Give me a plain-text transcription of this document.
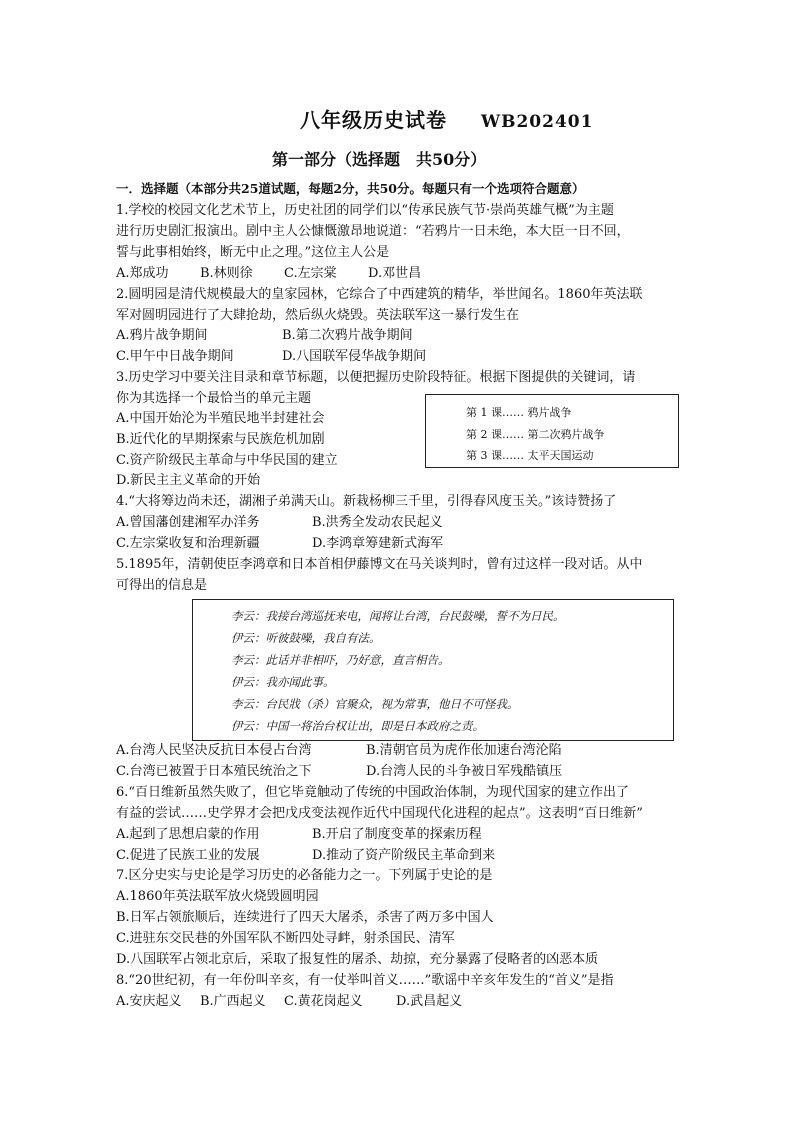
八年级历史试卷 WB202401
第一部分（选择题　共50分）
一．选择题（本部分共25道试题，每题2分，共50分。每题只有一个选项符合题意）
1.学校的校园文化艺术节上，历史社团的同学们以“传承民族气节·崇尚英雄气概”为主题
进行历史剧汇报演出。剧中主人公慷慨激昂地说道：“若鸦片一日未绝，本大臣一日不回，
誓与此事相始终，断无中止之理。”这位主人公是
A.郑成功 B.林则徐 C.左宗棠 D.邓世昌
2.圆明园是清代规模最大的皇家园林，它综合了中西建筑的精华，举世闻名。1860年英法联
军对圆明园进行了大肆抢劫，然后纵火烧毁。英法联军这一暴行发生在
A.鸦片战争期间	B.第二次鸦片战争期间
C.甲午中日战争期间	D.八国联军侵华战争期间
3.历史学习中要关注目录和章节标题，以便把握历史阶段特征。根据下图提供的关键词，请
你为其选择一个最恰当的单元主题
A.中国开始沦为半殖民地半封建社会
B.近代化的早期探索与民族危机加剧
C.资产阶级民主革命与中华民国的建立
D.新民主主义革命的开始
第 1 课…… 鸦片战争
第 2 课…… 第二次鸦片战争
第 3 课…… 太平天国运动
4.“大将筹边尚未还，湖湘子弟满天山。新栽杨柳三千里，引得春风度玉关。”该诗赞扬了
A.曾国藩创建湘军办洋务	B.洪秀全发动农民起义
C.左宗棠收复和治理新疆	D.李鸿章筹建新式海军
5.1895年，清朝使臣李鸿章和日本首相伊藤博文在马关谈判时，曾有过这样一段对话。从中
可得出的信息是
李云：我接台湾巡抚来电，闻将让台湾，台民鼓噪，誓不为日民。
伊云：听彼鼓噪，我自有法。
李云：此话并非相吓，乃好意，直言相告。
伊云：我亦闻此事。
李云：台民戕（杀）官聚众，视为常事，他日不可怪我。
伊云：中国一将治台权让出，即是日本政府之责。
A.台湾人民坚决反抗日本侵占台湾	B.清朝官员为虎作伥加速台湾沦陷
C.台湾已被置于日本殖民统治之下	D.台湾人民的斗争被日军残酷镇压
6.“百日维新虽然失败了，但它毕竟触动了传统的中国政治体制，为现代国家的建立作出了
有益的尝试……史学界才会把戊戌变法视作近代中国现代化进程的起点”。这表明“百日维新”
A.起到了思想启蒙的作用	B.开启了制度变革的探索历程
C.促进了民族工业的发展	D.推动了资产阶级民主革命到来
7.区分史实与史论是学习历史的必备能力之一。下列属于史论的是
A.1860年英法联军放火烧毁圆明园
B.日军占领旅顺后，连续进行了四天大屠杀，杀害了两万多中国人
C.进驻东交民巷的外国军队不断四处寻衅，射杀国民、清军
D.八国联军占领北京后，采取了报复性的屠杀、劫掠，充分暴露了侵略者的凶恶本质
8.“20世纪初，有一年份叫辛亥，有一仗举叫首义……”歌谣中辛亥年发生的“首义”是指
A.安庆起义 B.广西起义 C.黄花岗起义	D.武昌起义
